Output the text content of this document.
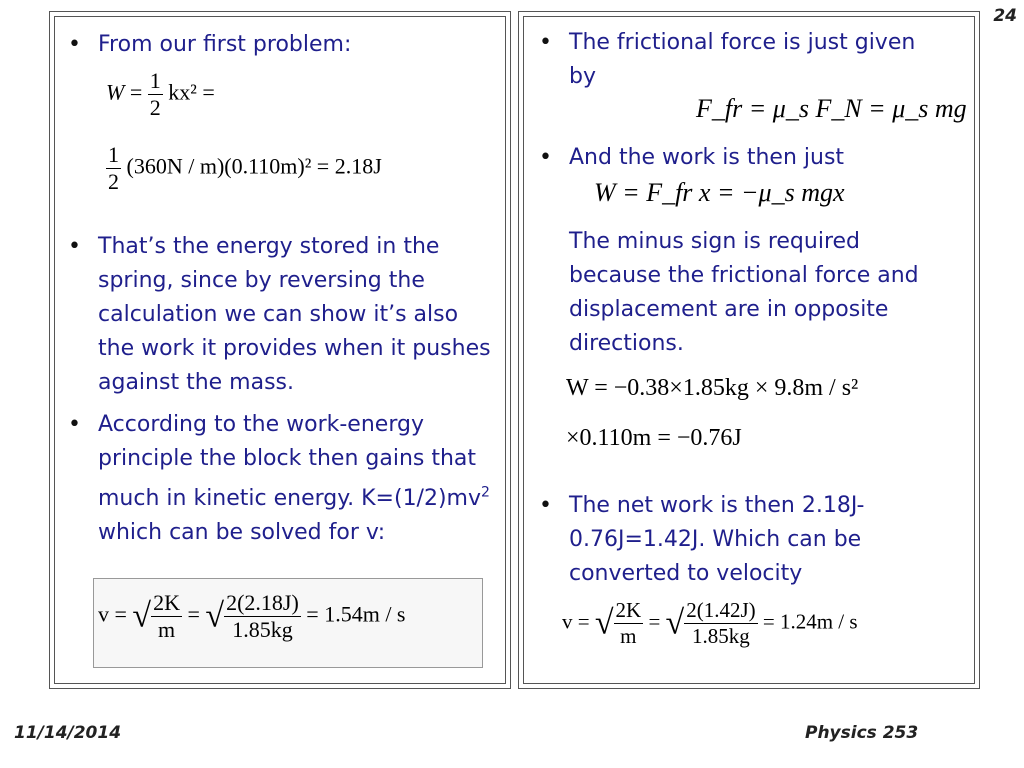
24
• From our first problem:
$W = \frac{1}{2} kx^2$ =
$\frac{1}{2} (360N / m)(0.110m)^2 = 2.18J$
• That’s the energy stored in the spring, since by reversing the calculation we can show it’s also the work it provides when it pushes against the mass.
• According to the work-energy principle the block then gains that much in kinetic energy. $K=(1/2)mv^2$ which can be solved for v:
v = √ $\frac{2K}{m}$ = √ $\frac{2(2.18J)}{1.85kg} = 1.54m / s$
• The frictional force is just given by
F_fr = μ_s F_N = μ_s mg
• And the work is then just
W = F_fr x = −μ_s mgx
The minus sign is required because the frictional force and displacement are in opposite directions.
W = −0.38×1.85kg × 9.8m / s²
×0.110m = −0.76J
• The net work is then 2.18J-0.76J=1.42J. Which can be converted to velocity
v = √ $\frac{2K}{m}$ = √ $\frac{2(1.42J)}{1.85kg} = 1.24m / s$
11/14/2014	Physics 253
